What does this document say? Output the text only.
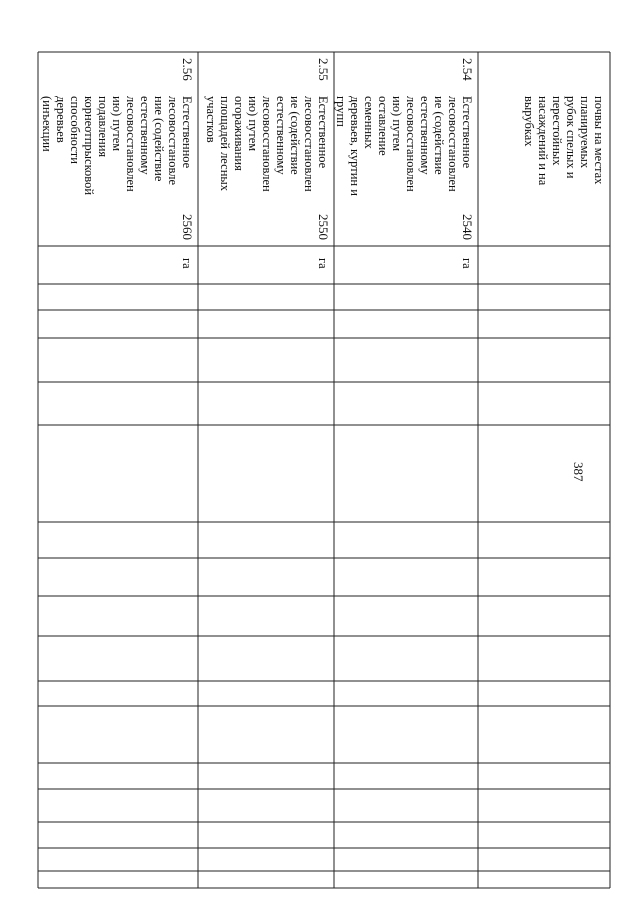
387
почвы на местах
планируемых
рубок спелых и
перестойных
насаждений и на
вырубках
2.54
Естественное
лесовосстановлен
ие (содействие
естественному
лесовосстановлен
ию) путем
оставление
семенных
деревьев, куртин и
групп
2540
га
2.55
Естественное
лесовосстановлен
ие (содействие
естественному
лесовосстановлен
ию) путем
огораживания
площадей лесных
участков
2550
га
2.56
Естественное
лесовосстановле
ние (содействие
естественному
лесовосстановлен
ию) путем
подавления
корнеотпрысковой
способности
деревьев
(инъекции
2560
га
